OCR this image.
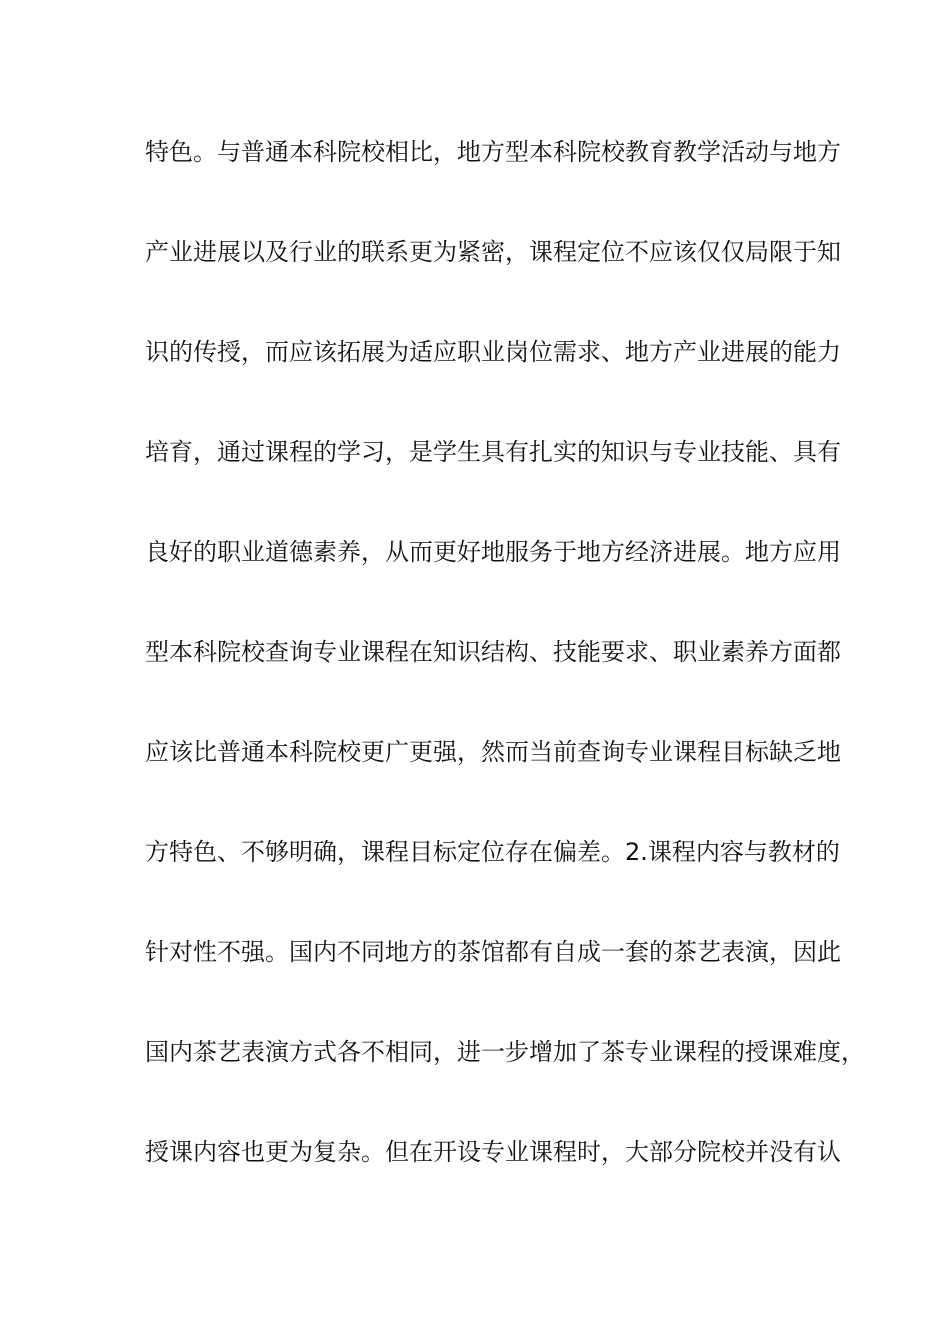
特色。与普通本科院校相比，地方型本科院校教育教学活动与地方
产业进展以及行业的联系更为紧密，课程定位不应该仅仅局限于知
识的传授，而应该拓展为适应职业岗位需求、地方产业进展的能力
培育，通过课程的学习，是学生具有扎实的知识与专业技能、具有
良好的职业道德素养，从而更好地服务于地方经济进展。地方应用
型本科院校查询专业课程在知识结构、技能要求、职业素养方面都
应该比普通本科院校更广更强，然而当前查询专业课程目标缺乏地
方特色、不够明确，课程目标定位存在偏差。2.课程内容与教材的
针对性不强。国内不同地方的茶馆都有自成一套的茶艺表演，因此
国内茶艺表演方式各不相同，进一步增加了茶专业课程的授课难度，
授课内容也更为复杂。但在开设专业课程时，大部分院校并没有认
